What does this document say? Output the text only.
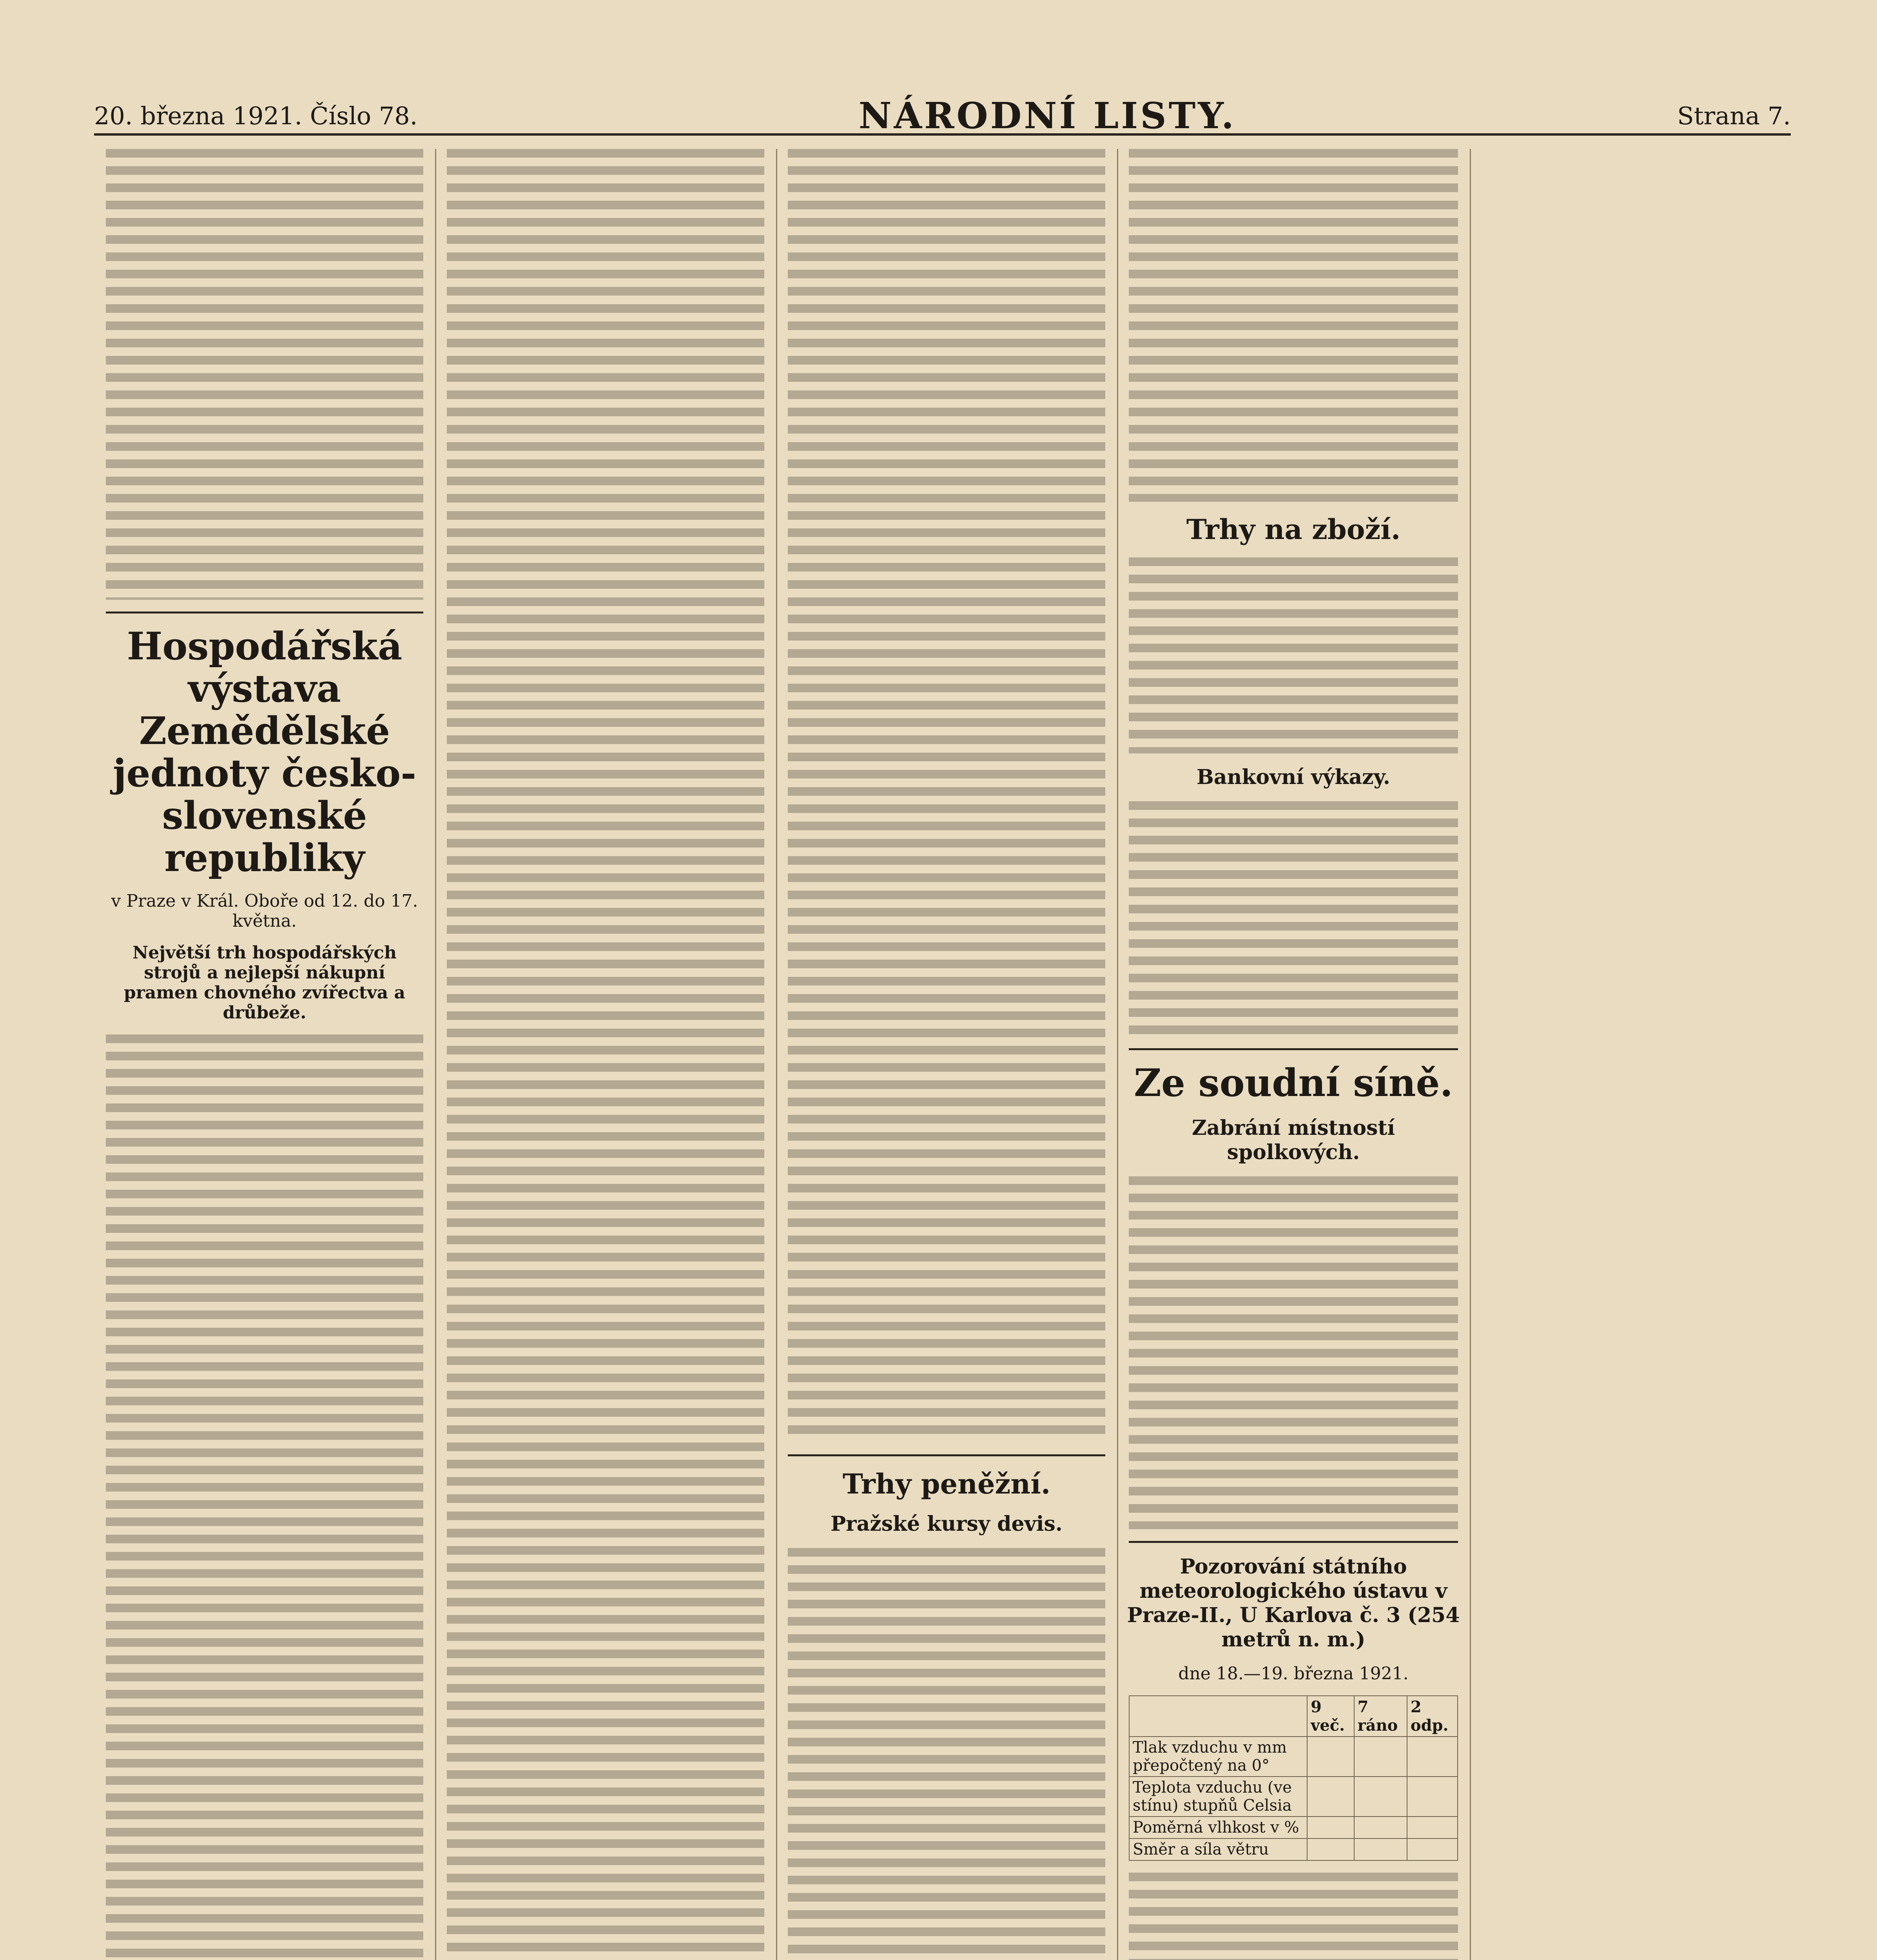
20. března 1921. Číslo 78.	NÁRODNÍ LISTY.	Strana 7.
Hospodářská výstava Zemědělské jednoty česko-slovenské republiky
v Praze v Král. Oboře od 12. do 17. května.
Největší trh hospodářských strojů a nejlepší nákupní pramen chovného zvířectva a drůbeže.
Trhy peněžní.
Pražské kursy devis.
Trhy na zboží.
Bankovní výkazy.
Ze soudní síně.
Zabrání místností spolkových.
Pozorování státního meteorologického ústavu v Praze-II., U Karlova č. 3 (254 metrů n. m.)
dne 18.—19. března 1921.
	9 več.	7 ráno	2 odp.
Tlak vzduchu v mm přepočtený na 0°			
Teplota vzduchu (ve stínu) stupňů Celsia			
Poměrná vlhkost v %			
Směr a síla větru			
